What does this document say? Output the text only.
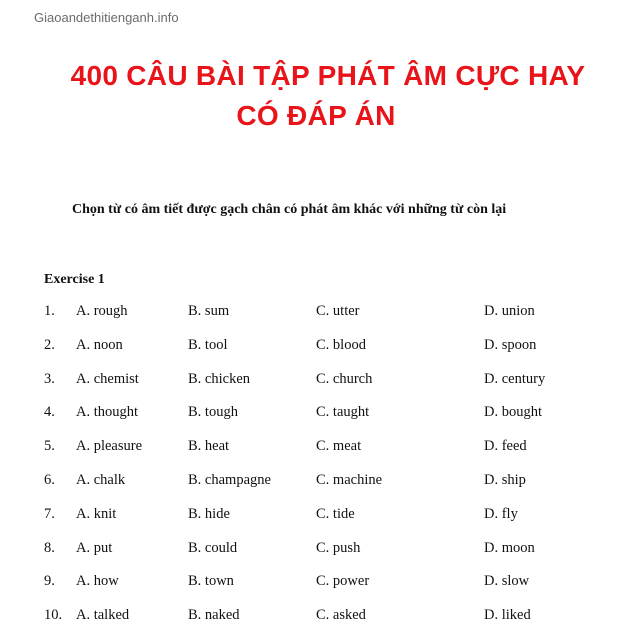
Giaoandethitienganh.info
400 CÂU BÀI TẬP PHÁT ÂM CỰC HAY
CÓ ĐÁP ÁN
Chọn từ có âm tiết được gạch chân có phát âm khác với những từ còn lại
Exercise 1
1. A. rough	B. sum	C. utter	D. union
2. A. noon	B. tool	C. blood	D. spoon
3. A. chemist	B. chicken	C. church	D. century
4. A. thought	B. tough	C. taught	D. bought
5. A. pleasure	B. heat	C. meat	D. feed
6. A. chalk	B. champagne	C. machine	D. ship
7. A. knit	B. hide	C. tide	D. fly
8. A. put	B. could	C. push	D. moon
9. A. how	B. town	C. power	D. slow
10. A. talked	B. naked	C. asked	D. liked
